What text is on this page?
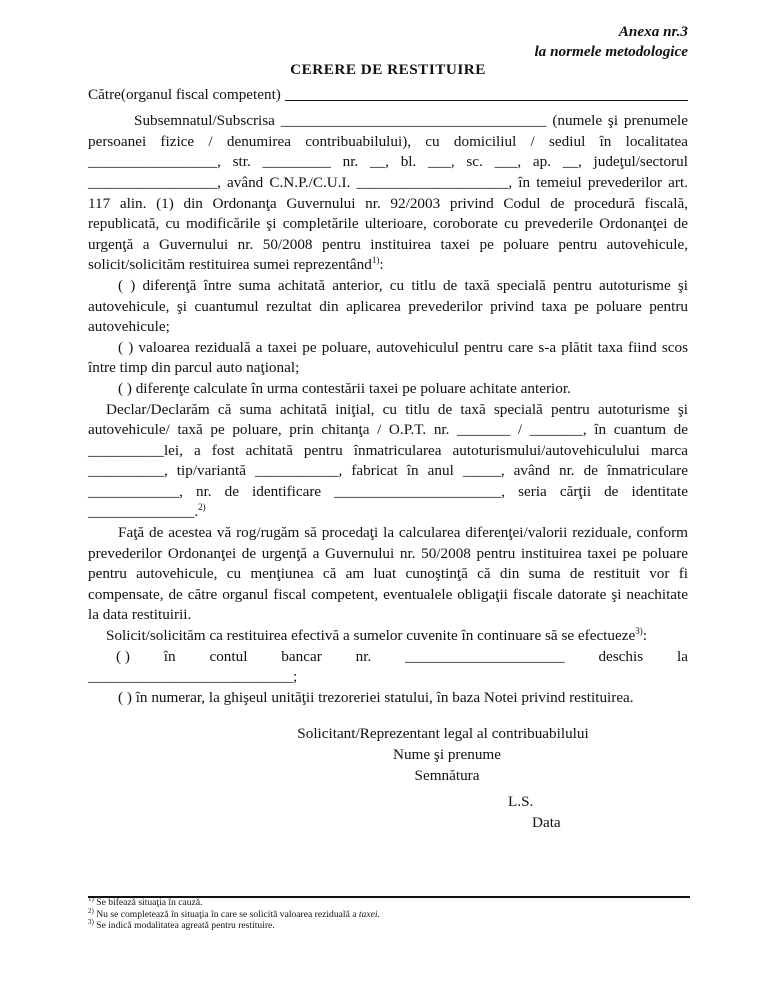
Anexa nr.3
la normele metodologice
CERERE DE RESTITUIRE
Către(organul fiscal competent)

Subsemnatul/Subscrisa ___________________________________ (numele şi prenumele persoanei fizice / denumirea contribuabilului), cu domiciliul / sediul în localitatea _________________, str. _________ nr. __, bl. ___, sc. ___, ap. __, judeţul/sectorul _________________, având C.N.P./C.U.I. ____________________, în temeiul prevederilor art. 117 alin. (1) din Ordonanţa Guvernului nr. 92/2003 privind Codul de procedură fiscală, republicată, cu modificările şi completările ulterioare, coroborate cu prevederile Ordonanţei de urgenţă a Guvernului nr. 50/2008 pentru instituirea taxei pe poluare pentru autovehicule, solicit/solicităm restituirea sumei reprezentând$^{1)}$:

( ) diferenţă între suma achitată anterior, cu titlu de taxă specială pentru autoturisme şi autovehicule, şi cuantumul rezultat din aplicarea prevederilor privind taxa pe poluare pentru autovehicule;

( ) valoarea reziduală a taxei pe poluare, autovehiculul pentru care s-a plătit taxa fiind scos între timp din parcul auto naţional;

( ) diferenţe calculate în urma contestării taxei pe poluare achitate anterior.

Declar/Declarăm că suma achitată iniţial, cu titlu de taxă specială pentru autoturisme şi autovehicule/ taxă pe poluare, prin chitanţa / O.P.T. nr. _______ / _______, în cuantum de __________lei, a fost achitată pentru înmatricularea autoturismului/autovehiculului marca __________, tip/variantă ___________, fabricat în anul _____, având nr. de înmatriculare ____________, nr. de identificare ______________________, seria cărţii de identitate ______________.$^{2)}$

Faţă de acestea vă rog/rugăm să procedaţi la calcularea diferenţei/valorii reziduale, conform prevederilor Ordonanţei de urgenţă a Guvernului nr. 50/2008 pentru instituirea taxei pe poluare pentru autovehicule, cu menţiunea că am luat cunoştinţă că din suma de restituit vor fi compensate, de către organul fiscal competent, eventualele obligaţii fiscale datorate şi neachitate la data restituirii.

Solicit/solicităm ca restituirea efectivă a sumelor cuvenite în continuare să se efectueze$^{3)}$:

( ) în contul bancar nr. _____________________ deschis la

___________________________;

( ) în numerar, la ghişeul unităţii trezoreriei statului, în baza Notei privind restituirea.

Solicitant/Reprezentant legal al contribuabilului
Nume şi prenume
Semnătura
L.S.
Data
$^{1)}$ Se bifează situaţia în cauză.
$^{2)}$ Nu se completează în situaţia în care se solicită valoarea reziduală a taxei.
$^{3)}$ Se indică modalitatea agreată pentru restituire.
